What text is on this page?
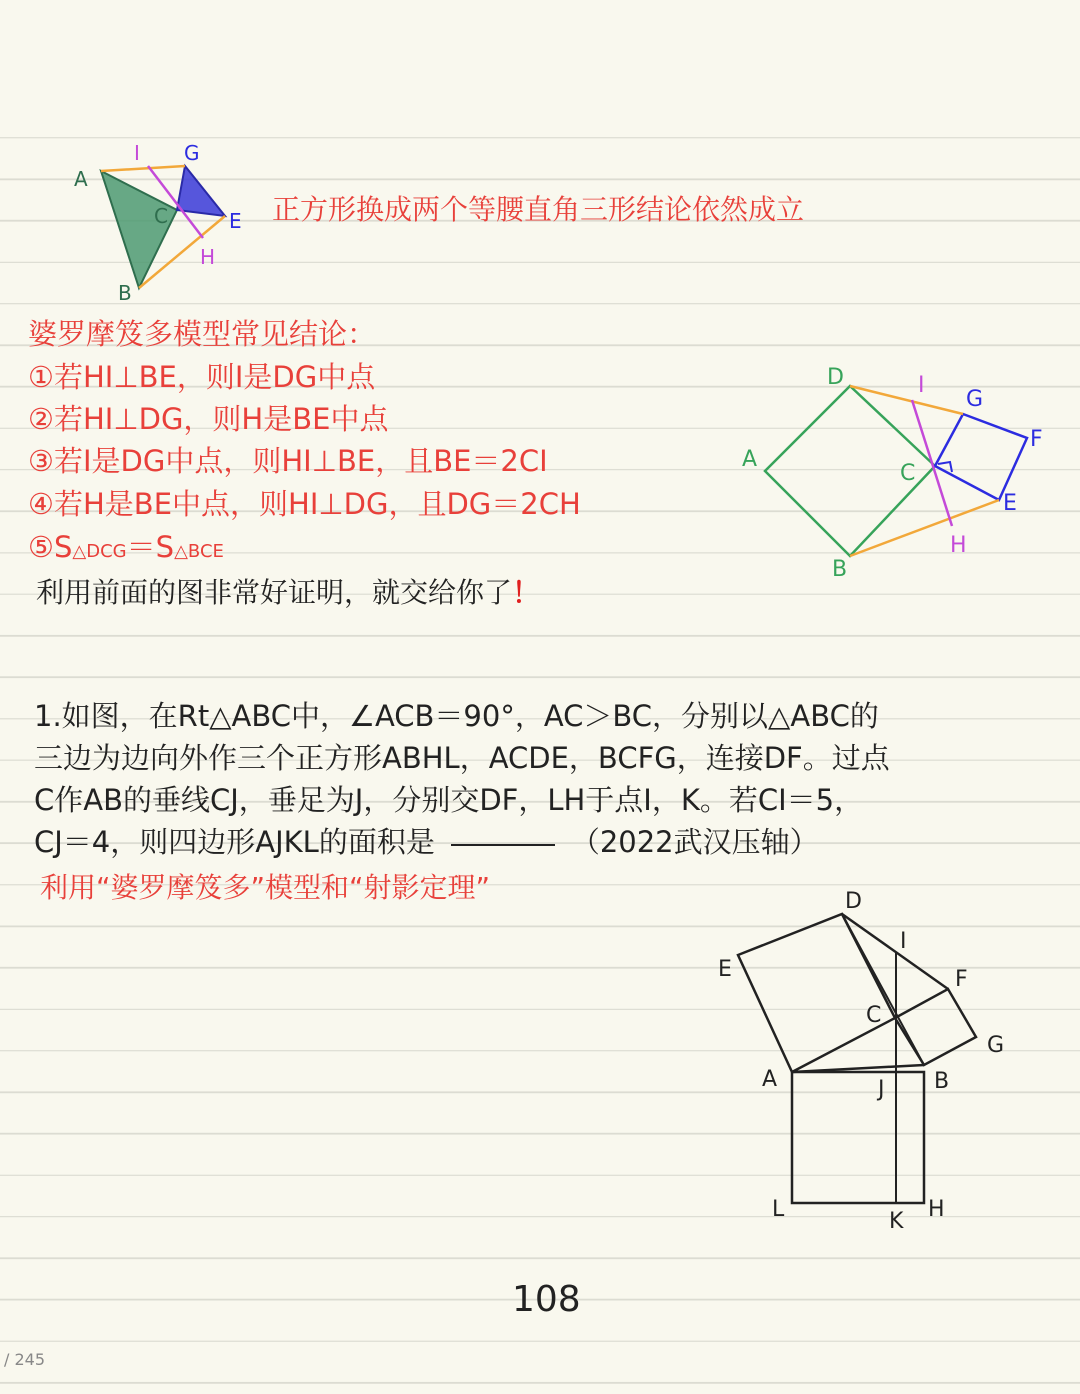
A
B
C	E
G
H
I
正方形换成两个等腰直角三形结论依然成立
婆罗摩笈多模型常见结论：
①若HI⊥BE，则I是DG中点
②若HI⊥DG，则H是BE中点
③若I是DG中点，则HI⊥BE，且BE＝2CI
④若H是BE中点，则HI⊥DG，且DG＝2CH
⑤S△DCG＝S△BCE
利用前面的图非常好证明，就交给你了！
A
B
C
D
E
F
G
H
I
1.如图，在Rt△ABC中，∠ACB＝90°，AC＞BC，分别以△ABC的
三边为边向外作三个正方形ABHL，ACDE，BCFG，连接DF。过点
C作AB的垂线CJ，垂足为J，分别交DF，LH于点I，K。若CI＝5，
CJ＝4，则四边形AJKL的面积是	（2022武汉压轴）
利用“婆罗摩笈多”模型和“射影定理”
A	B
C
D
E	F
G
H
I
J
K
L
108
/ 245
